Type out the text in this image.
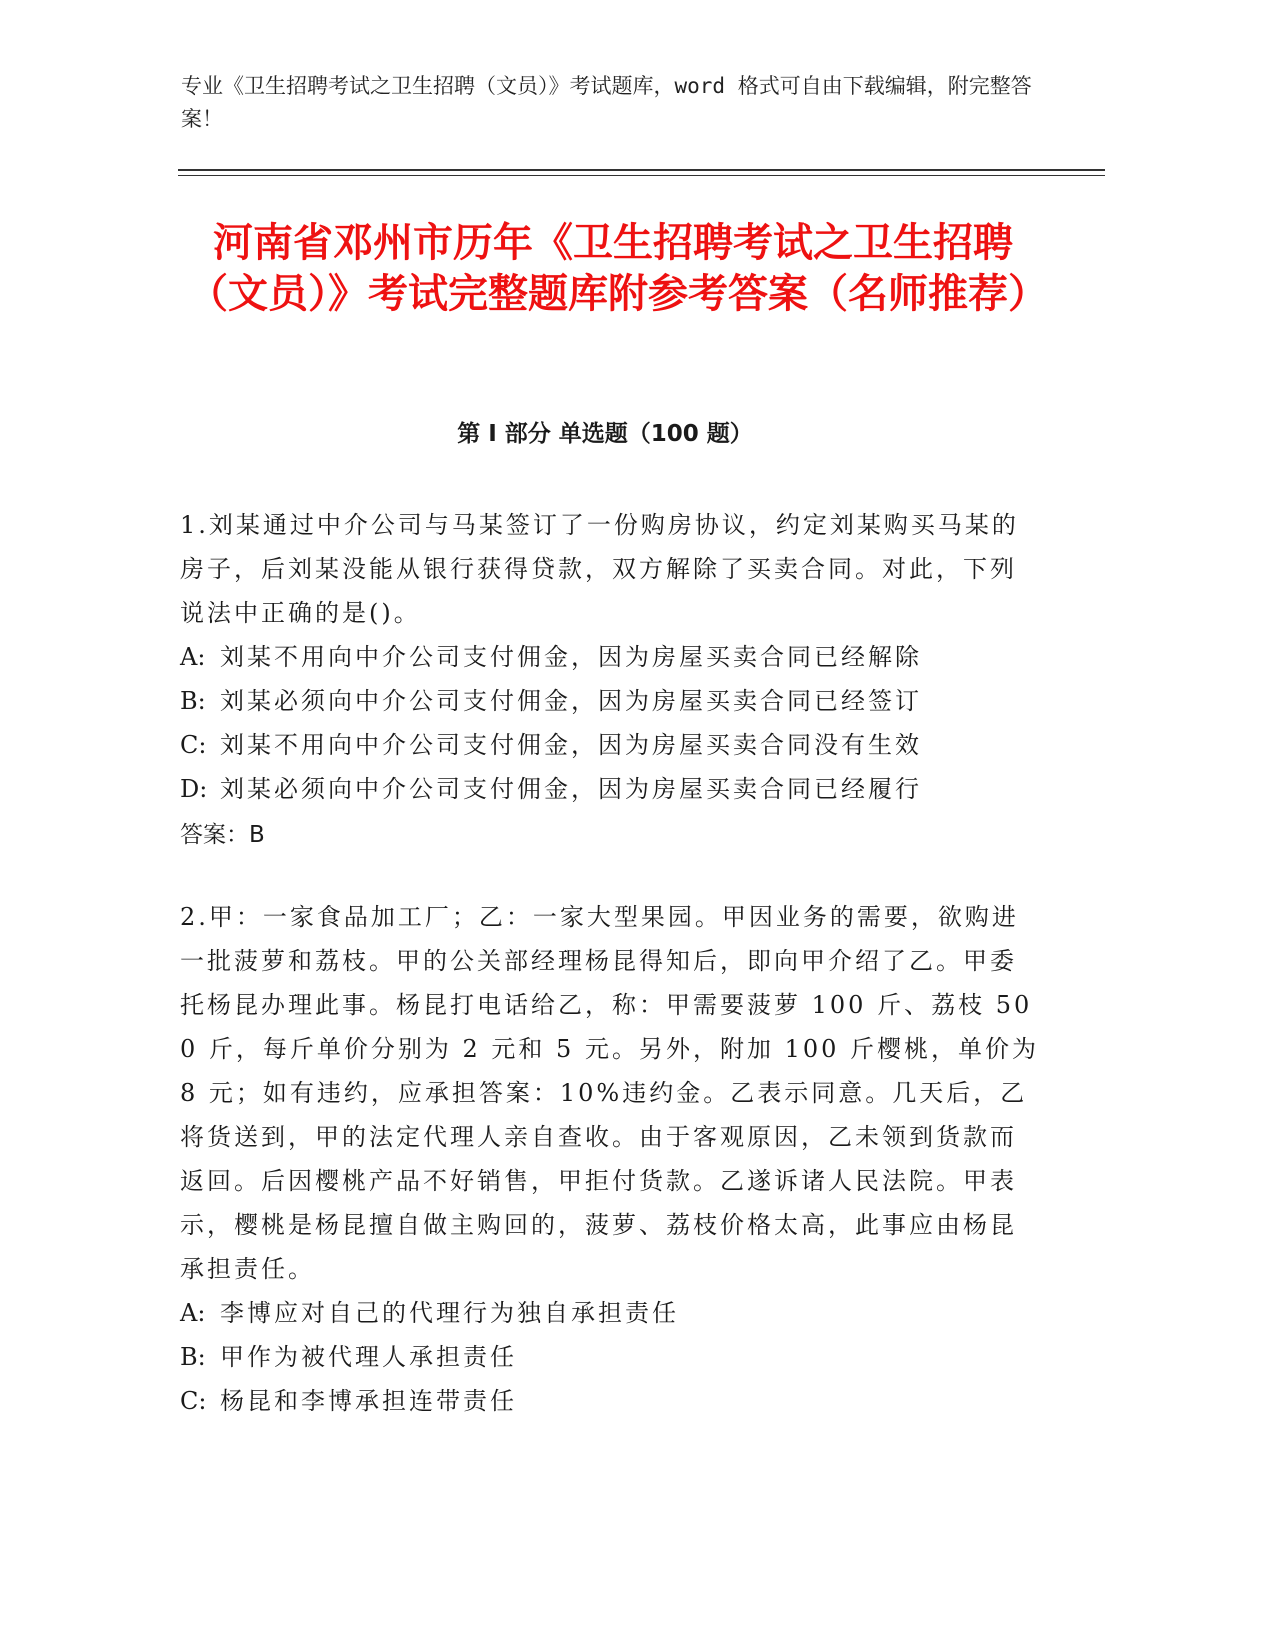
专业《卫生招聘考试之卫生招聘（文员）》考试题库，word 格式可自由下载编辑，附完整答案！
河南省邓州市历年《卫生招聘考试之卫生招聘（文员）》考试完整题库附参考答案（名师推荐）
第 I 部分 单选题（100 题）

1.刘某通过中介公司与马某签订了一份购房协议，约定刘某购买马某的房子，后刘某没能从银行获得贷款，双方解除了买卖合同。对此，下列说法中正确的是()。

A: 刘某不用向中介公司支付佣金，因为房屋买卖合同已经解除
B: 刘某必须向中介公司支付佣金，因为房屋买卖合同已经签订
C: 刘某不用向中介公司支付佣金，因为房屋买卖合同没有生效
D: 刘某必须向中介公司支付佣金，因为房屋买卖合同已经履行
答案：B

2.甲：一家食品加工厂；乙：一家大型果园。甲因业务的需要，欲购进一批菠萝和荔枝。甲的公关部经理杨昆得知后，即向甲介绍了乙。甲委托杨昆办理此事。杨昆打电话给乙，称：甲需要菠萝 100 斤、荔枝 500 斤，每斤单价分别为 2 元和 5 元。另外，附加 100 斤樱桃，单价为 8 元；如有违约，应承担答案：10%违约金。乙表示同意。几天后，乙将货送到，甲的法定代理人亲自查收。由于客观原因，乙未领到货款而返回。后因樱桃产品不好销售，甲拒付货款。乙遂诉诸人民法院。甲表示，樱桃是杨昆擅自做主购回的，菠萝、荔枝价格太高，此事应由杨昆承担责任。

A: 李博应对自己的代理行为独自承担责任
B: 甲作为被代理人承担责任
C: 杨昆和李博承担连带责任
